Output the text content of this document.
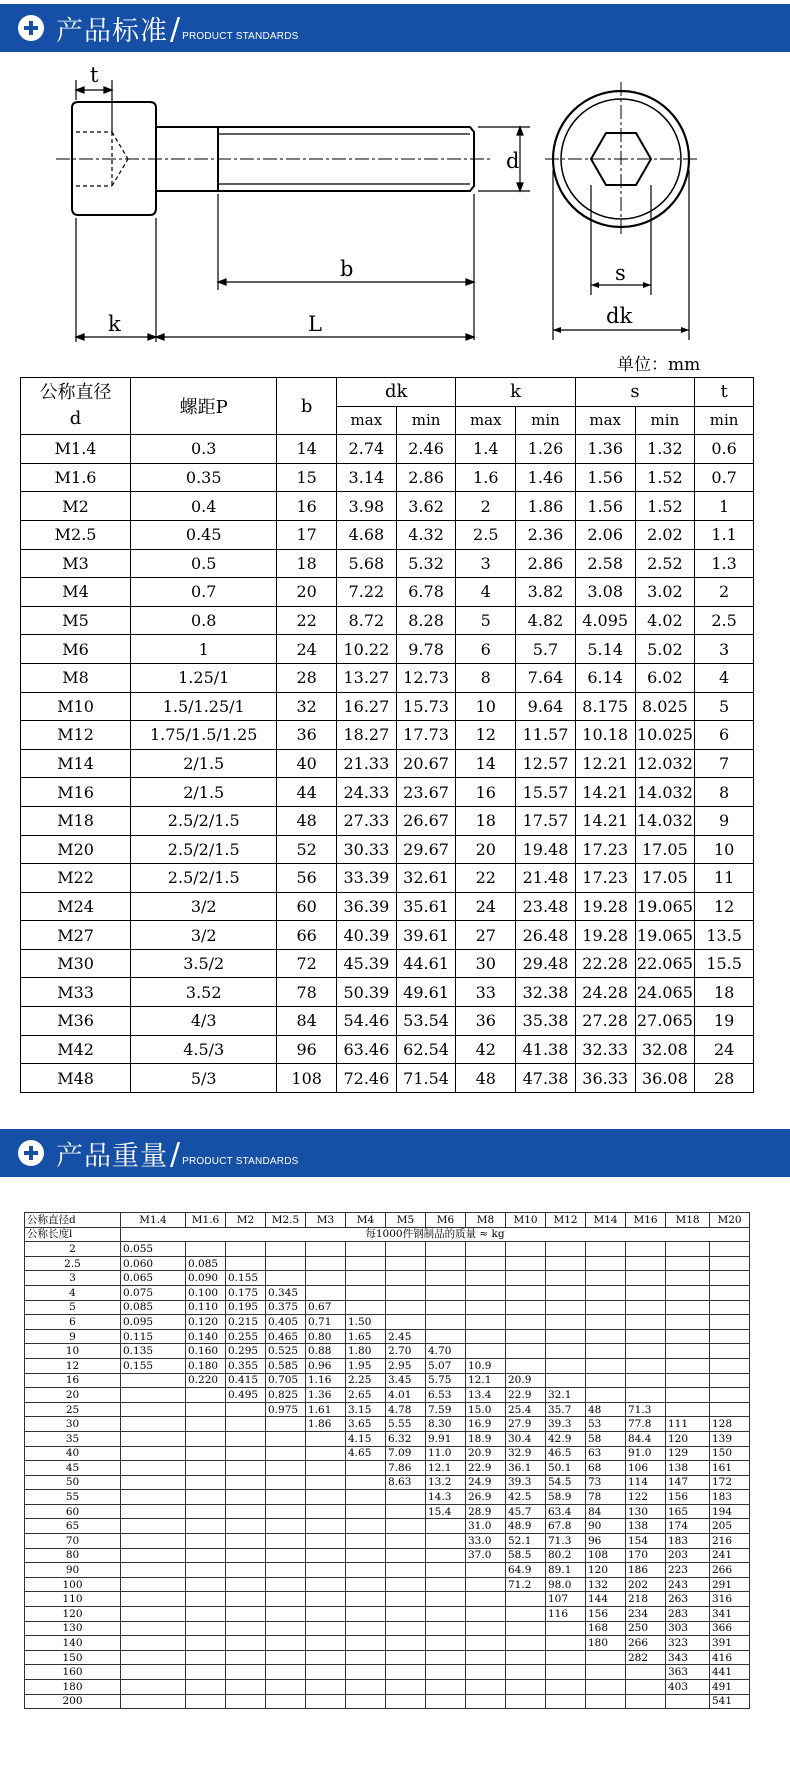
产品标准 / PRODUCT STANDARDS
t
d
b
k	L
s
dk
单位：mm
公称直径
d	螺距P	b	dk		k		s		t
			max	min	max	min	max	min	min
M1.4	0.3	14	2.74	2.46	1.4	1.26	1.36	1.32	0.6
M1.6	0.35	15	3.14	2.86	1.6	1.46	1.56	1.52	0.7
M2	0.4	16	3.98	3.62	2	1.86	1.56	1.52	1
M2.5	0.45	17	4.68	4.32	2.5	2.36	2.06	2.02	1.1
M3	0.5	18	5.68	5.32	3	2.86	2.58	2.52	1.3
M4	0.7	20	7.22	6.78	4	3.82	3.08	3.02	2
M5	0.8	22	8.72	8.28	5	4.82	4.095	4.02	2.5
M6	1	24	10.22	9.78	6	5.7	5.14	5.02	3
M8	1.25/1	28	13.27	12.73	8	7.64	6.14	6.02	4
M10	1.5/1.25/1	32	16.27	15.73	10	9.64	8.175	8.025	5
M12	1.75/1.5/1.25	36	18.27	17.73	12	11.57	10.18	10.025	6
M14	2/1.5	40	21.33	20.67	14	12.57	12.21	12.032	7
M16	2/1.5	44	24.33	23.67	16	15.57	14.21	14.032	8
M18	2.5/2/1.5	48	27.33	26.67	18	17.57	14.21	14.032	9
M20	2.5/2/1.5	52	30.33	29.67	20	19.48	17.23	17.05	10
M22	2.5/2/1.5	56	33.39	32.61	22	21.48	17.23	17.05	11
M24	3/2	60	36.39	35.61	24	23.48	19.28	19.065	12
M27	3/2	66	40.39	39.61	27	26.48	19.28	19.065	13.5
M30	3.5/2	72	45.39	44.61	30	29.48	22.28	22.065	15.5
M33	3.52	78	50.39	49.61	33	32.38	24.28	24.065	18
M36	4/3	84	54.46	53.54	36	35.38	27.28	27.065	19
M42	4.5/3	96	63.46	62.54	42	41.38	32.33	32.08	24
M48	5/3	108	72.46	71.54	48	47.38	36.33	36.08	28
产品重量 / PRODUCT STANDARDS
公称直径d	M1.4	M1.6	M2	M2.5	M3	M4	M5	M6	M8	M10	M12	M14	M16	M18	M20
公称长度l	每1000件钢制品的质量 ≈ kg														
2	0.055														
2.5	0.060	0.085													
3	0.065	0.090	0.155												
4	0.075	0.100	0.175	0.345											
5	0.085	0.110	0.195	0.375	0.67										
6	0.095	0.120	0.215	0.405	0.71	1.50									
9	0.115	0.140	0.255	0.465	0.80	1.65	2.45								
10	0.135	0.160	0.295	0.525	0.88	1.80	2.70	4.70							
12	0.155	0.180	0.355	0.585	0.96	1.95	2.95	5.07	10.9						
16		0.220	0.415	0.705	1.16	2.25	3.45	5.75	12.1	20.9					
20			0.495	0.825	1.36	2.65	4.01	6.53	13.4	22.9	32.1				
25				0.975	1.61	3.15	4.78	7.59	15.0	25.4	35.7	48	71.3		
30					1.86	3.65	5.55	8.30	16.9	27.9	39.3	53	77.8	111	128
35						4.15	6.32	9.91	18.9	30.4	42.9	58	84.4	120	139
40						4.65	7.09	11.0	20.9	32.9	46.5	63	91.0	129	150
45							7.86	12.1	22.9	36.1	50.1	68	106	138	161
50							8.63	13.2	24.9	39.3	54.5	73	114	147	172
55								14.3	26.9	42.5	58.9	78	122	156	183
60								15.4	28.9	45.7	63.4	84	130	165	194
65									31.0	48.9	67.8	90	138	174	205
70									33.0	52.1	71.3	96	154	183	216
80									37.0	58.5	80.2	108	170	203	241
90										64.9	89.1	120	186	223	266
100										71.2	98.0	132	202	243	291
110											107	144	218	263	316
120											116	156	234	283	341
130												168	250	303	366
140												180	266	323	391
150													282	343	416
160														363	441
180														403	491
200															541
